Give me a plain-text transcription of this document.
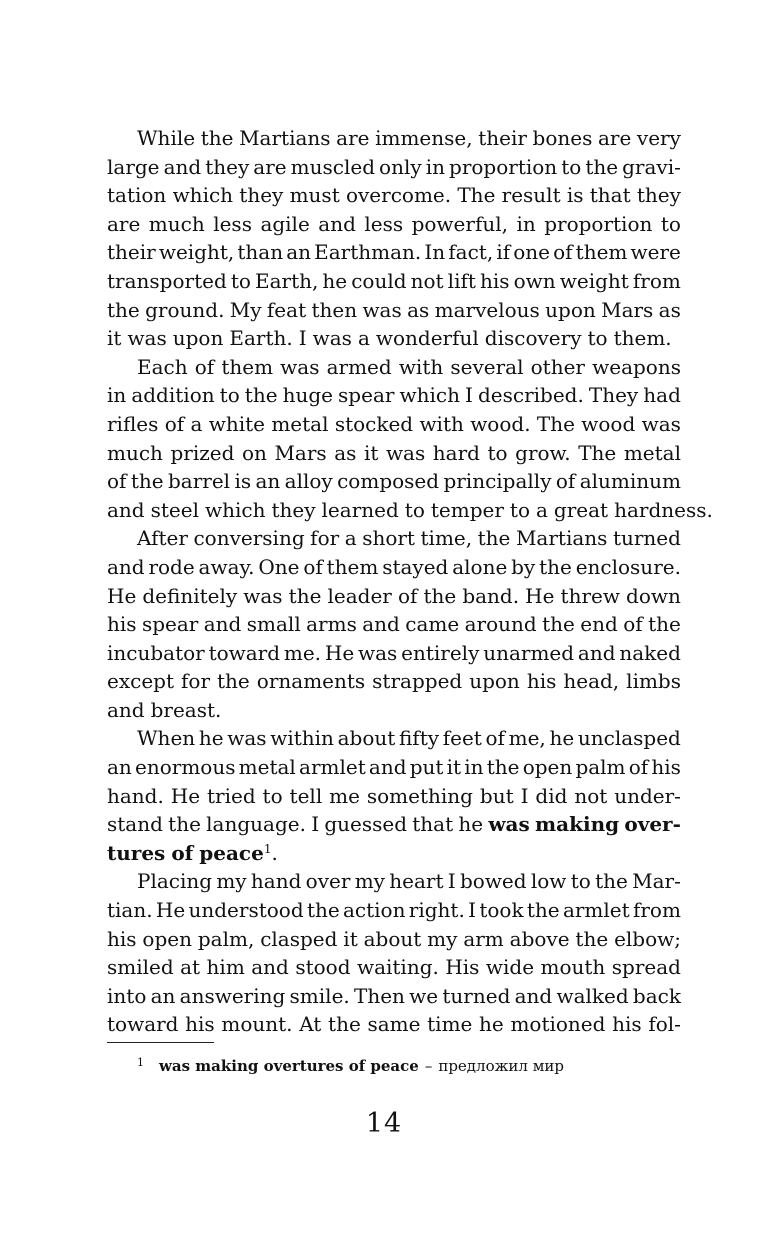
While the Martians are immense, their bones are very
large and they are muscled only in proportion to the gravi-
tation which they must overcome. The result is that they
are much less agile and less powerful, in proportion to
their weight, than an Earthman. In fact, if one of them were
transported to Earth, he could not lift his own weight from
the ground. My feat then was as marvelous upon Mars as
it was upon Earth. I was a wonderful discovery to them.
Each of them was armed with several other weapons
in addition to the huge spear which I described. They had
rifles of a white metal stocked with wood. The wood was
much prized on Mars as it was hard to grow. The metal
of the barrel is an alloy composed principally of aluminum
and steel which they learned to temper to a great hardness.
After conversing for a short time, the Martians turned
and rode away. One of them stayed alone by the enclosure.
He definitely was the leader of the band. He threw down
his spear and small arms and came around the end of the
incubator toward me. He was entirely unarmed and naked
except for the ornaments strapped upon his head, limbs
and breast.
When he was within about fifty feet of me, he unclasped
an enormous metal armlet and put it in the open palm of his
hand. He tried to tell me something but I did not under-
stand the language. I guessed that he was making over-
tures of peace$^1$.
Placing my hand over my heart I bowed low to the Mar-
tian. He understood the action right. I took the armlet from
his open palm, clasped it about my arm above the elbow;
smiled at him and stood waiting. His wide mouth spread
into an answering smile. Then we turned and walked back
toward his mount. At the same time he motioned his fol-
1 was making overtures of peace – предложил мир
14
